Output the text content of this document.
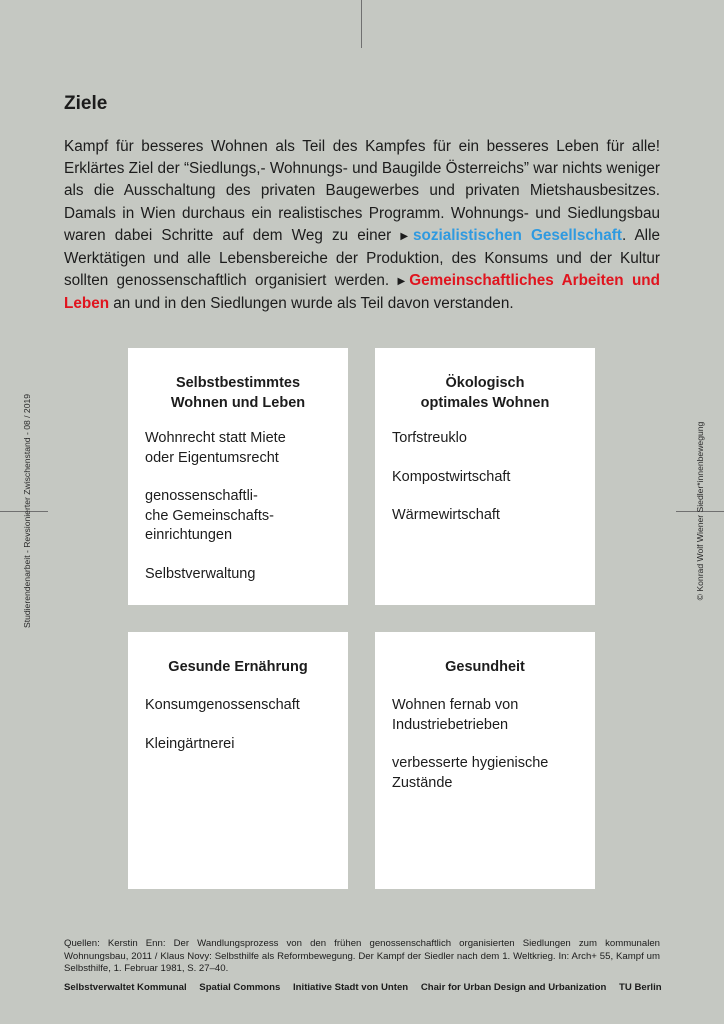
Ziele

Kampf für besseres Wohnen als Teil des Kampfes für ein besseres Leben für alle! Erklärtes Ziel der “Siedlungs,- Wohnungs- und Baugilde Österreichs” war nichts weniger als die Ausschaltung des privaten Baugewerbes und privaten Mietshausbesitzes. Damals in Wien durchaus ein realistisches Programm. Wohnungs- und Siedlungsbau waren dabei Schritte auf dem Weg zu einer ▶sozialistischen Gesellschaft. Alle Werktätigen und alle Lebensbereiche der Produktion, des Konsums und der Kultur sollten genossenschaftlich organisiert werden. ▶Gemeinschaftliches Arbeiten und Leben an und in den Siedlungen wurde als Teil davon verstanden.

Selbstbestimmtes
Wohnen und Leben
Wohnrecht statt Miete
oder Eigentumsrecht
genossenschaftli-
che Gemeinschafts-
einrichtungen
Selbstverwaltung
Ökologisch
optimales Wohnen
Torfstreuklo
Kompostwirtschaft
Wärmewirtschaft
Gesunde Ernährung
Konsumgenossenschaft
Kleingärtnerei
Gesundheit
Wohnen fernab von
Industriebetrieben
verbesserte hygienische
Zustände
Studierendenarbeit - Revsionierter Zwischenstand - 08 / 2019	© Konrad Wolf Wiener Siedler*innenbewegung

Quellen: Kerstin Enn: Der Wandlungsprozess von den frühen genossenschaftlich organisierten Siedlungen zum kommunalen Wohnungsbau, 2011 / Klaus Novy: Selbsthilfe als Reformbewegung. Der Kampf der Siedler nach dem 1. Weltkrieg. In: Arch+ 55, Kampf um Selbsthilfe, 1. Februar 1981, S. 27–40.

Selbstverwaltet Kommunal Spatial Commons Initiative Stadt von Unten Chair for Urban Design and Urbanization TU Berlin
